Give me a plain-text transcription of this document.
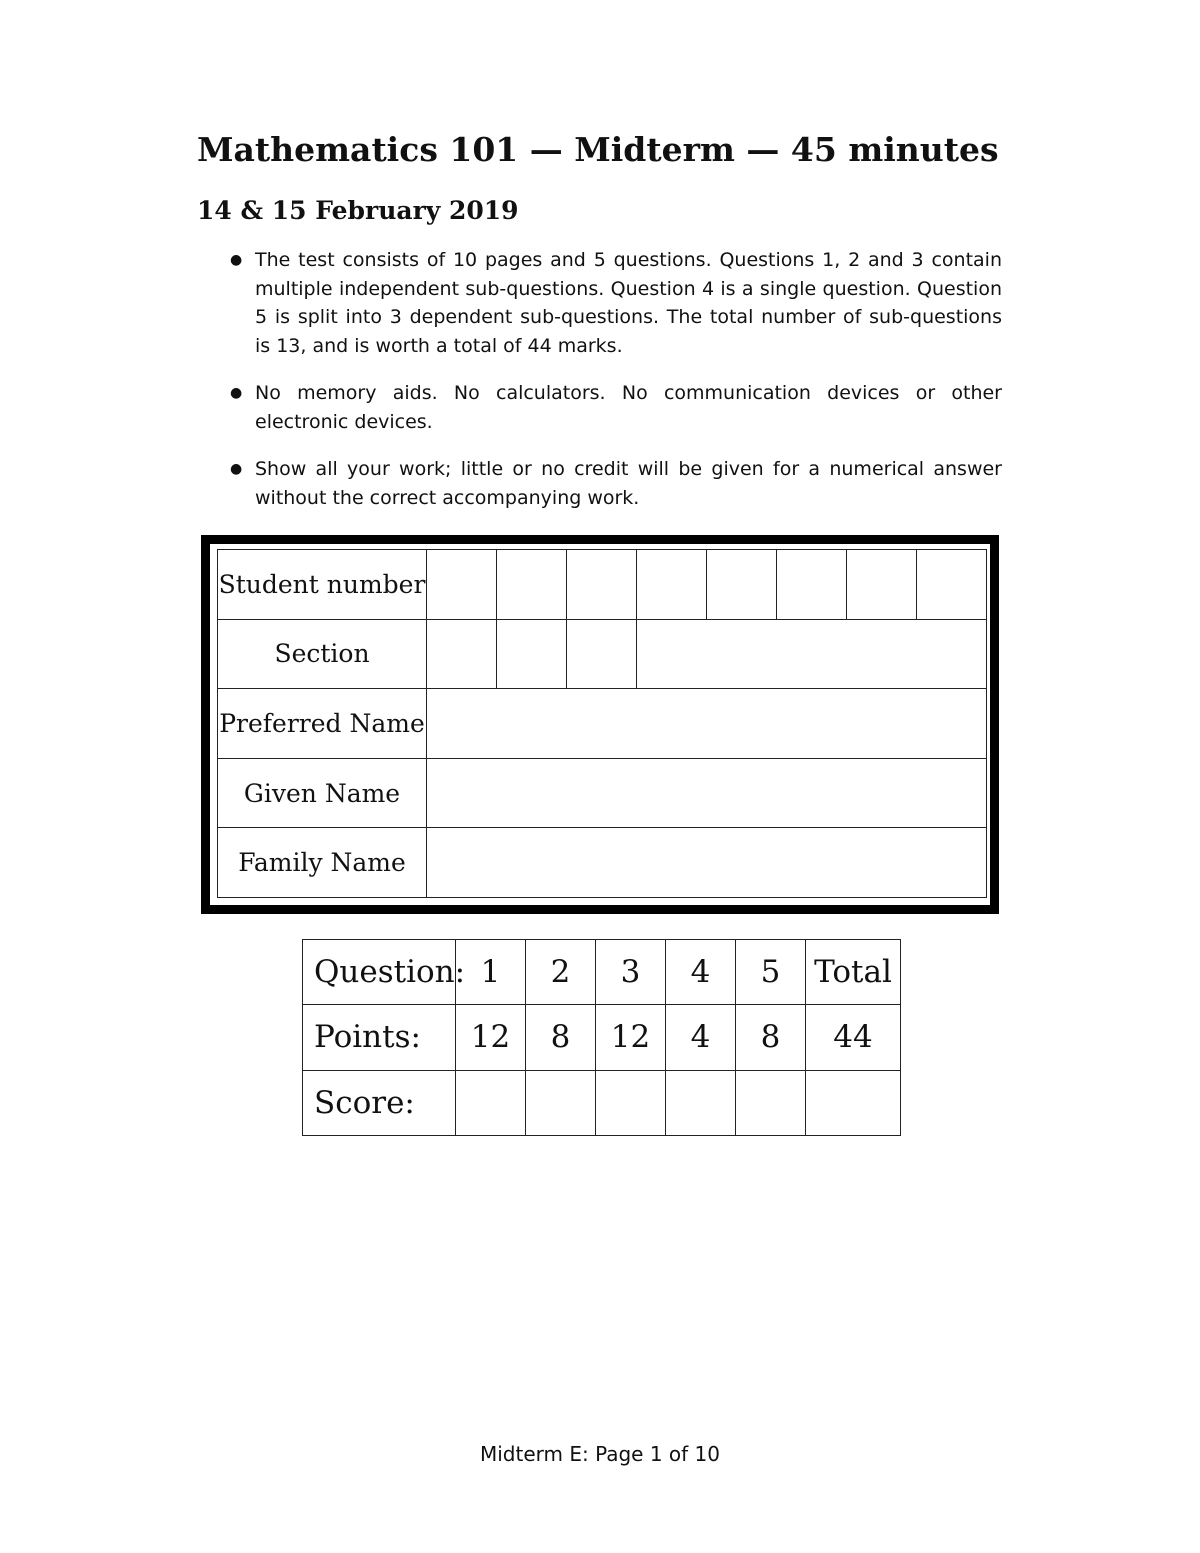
Mathematics 101 — Midterm — 45 minutes
14 & 15 February 2019
● The test consists of 10 pages and 5 questions. Questions 1, 2 and 3 contain multiple independent sub-questions. Question 4 is a single question. Question 5 is split into 3 dependent sub-questions. The total number of sub-questions is 13, and is worth a total of 44 marks.
● No memory aids. No calculators. No communication devices or other electronic devices.
● Show all your work; little or no credit will be given for a numerical answer without the correct accompanying work.
Student number								
Section								
Preferred Name								
Given Name								
Family Name								
Question:	1	2	3	4	5	Total
Points:	12	8	12	4	8	44
Score:						
Midterm E: Page 1 of 10
